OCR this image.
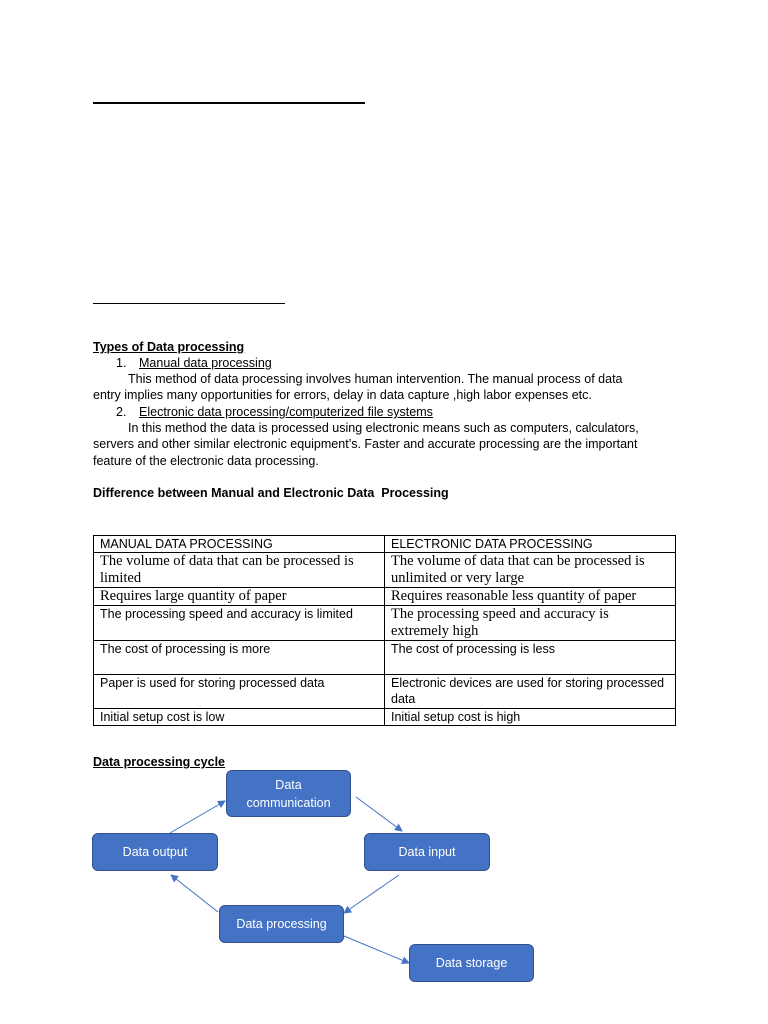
Types of Data processing
1. Manual data processing
This method of data processing involves human intervention. The manual process of data
entry implies many opportunities for errors, delay in data capture ,high labor expenses etc.
2. Electronic data processing/computerized file systems
In this method the data is processed using electronic means such as computers, calculators,
servers and other similar electronic equipment’s. Faster and accurate processing are the important
feature of the electronic data processing.
Difference between Manual and Electronic Data  Processing
MANUAL DATA PROCESSING	ELECTRONIC DATA PROCESSING
The volume of data that can be processed is limited	The volume of data that can be processed is unlimited or very large
Requires large quantity of paper	Requires reasonable less quantity of paper
The processing speed and accuracy is limited	The processing speed and accuracy is extremely high
The cost of processing is more	The cost of processing is less
Paper is used for storing processed data	Electronic devices are used for storing processed data
Initial setup cost is low	Initial setup cost is high
Data processing cycle
Data
communication
Data input
Data output
Data processing
Data storage
